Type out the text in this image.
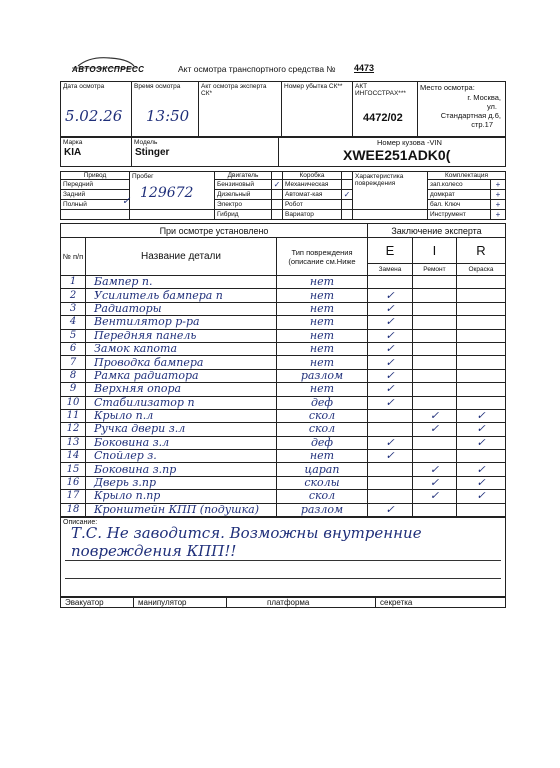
АВТОЭКСПРЕСС	Акт осмотра транспортного средства № 4473
Дата осмотра
5.02.26

Время осмотра
13:50

Акт осмотра эксперта СК*

Номер убытка СК**	АКТ ИНГОССТРАХ***
4472/02

Место осмотра:
г. Москва,
ул.
Стандартная д.6,
стр.17
Марка
KIA

Модель
Stinger

Номер кузова -VIN
XWEE251ADK0(
Привод	Пробег
129672	Двигатель		Коробка		Характеристика повреждения	Комплектация	
Передний		Бензиновый	✓	Механическая			зап.колесо	+
Задний		Дизельный		Автомат-кая	✓		домкрат	+
Полный		Электро		Робот			бал. Ключ	+
		Гибрид		Вариатор			Инструмент	+
✓
При осмотре установлено			Заключение эксперта		
№ п/п	Название детали	Тип повреждения (описание см.Ниже	E	I	R
			Замена	Ремонт	Окраска
1	Бампер п.	нет			
2	Усилитель бампера п	нет	✓		
3	Радиаторы	нет	✓		
4	Вентилятор р-ра	нет	✓		
5	Передняя панель	нет	✓		
6	Замок капота	нет	✓		
7	Проводка бампера	нет	✓		
8	Рамка радиатора	разлом	✓		
9	Верхняя опора	нет	✓		
10	Стабилизатор п	деф	✓		
11	Крыло п.л	скол		✓	✓
12	Ручка двери з.л	скол		✓	✓
13	Боковина з.л	деф	✓		✓
14	Спойлер з.	нет	✓		
15	Боковина з.пр	царап		✓	✓
16	Дверь з.пр	сколы		✓	✓
17	Крыло п.пр	скол		✓	✓
18	Кронштейн КПП (подушка)	разлом	✓		
Описание:
Т.С. Не заводится. Возможны внутренние
повреждения КПП!!
Эвакуатор	манипулятор	платформа	секретка
